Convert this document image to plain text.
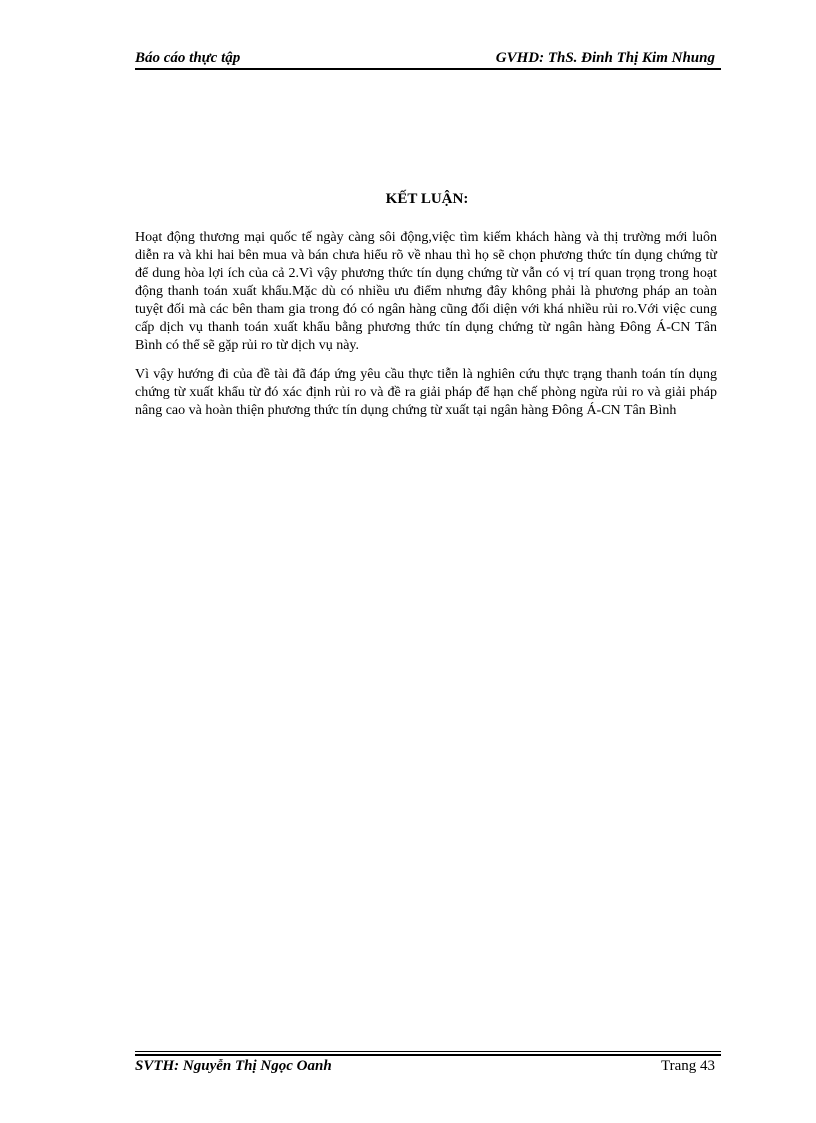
Báo cáo thực tập	GVHD: ThS. Đinh Thị Kim Nhung
KẾT LUẬN:

Hoạt động thương mại quốc tế ngày càng sôi động,việc tìm kiếm khách hàng và thị trường mới luôn diễn ra và khi hai bên mua và bán chưa hiểu rõ về nhau thì họ sẽ chọn phương thức tín dụng chứng từ để dung hòa lợi ích của cả 2.Vì vậy phương thức tín dụng chứng từ vẫn có vị trí quan trọng trong hoạt động thanh toán xuất khẩu.Mặc dù có nhiều ưu điểm nhưng đây không phải là phương pháp an toàn tuyệt đối mà các bên tham gia trong đó có ngân hàng cũng đối diện với khá nhiều rủi ro.Với việc cung cấp dịch vụ thanh toán xuất khẩu bằng phương thức tín dụng chứng từ ngân hàng Đông Á-CN Tân Bình có thể sẽ gặp rủi ro từ dịch vụ này.

Vì vậy hướng đi của đề tài đã đáp ứng yêu cầu thực tiễn là nghiên cứu thực trạng thanh toán tín dụng chứng từ xuất khẩu từ đó xác định rủi ro và đề ra giải pháp để hạn chế phòng ngừa rủi ro và giải pháp nâng cao và hoàn thiện phương thức tín dụng chứng từ xuất tại ngân hàng Đông Á-CN Tân Bình

SVTH: Nguyễn Thị Ngọc Oanh	Trang 43
